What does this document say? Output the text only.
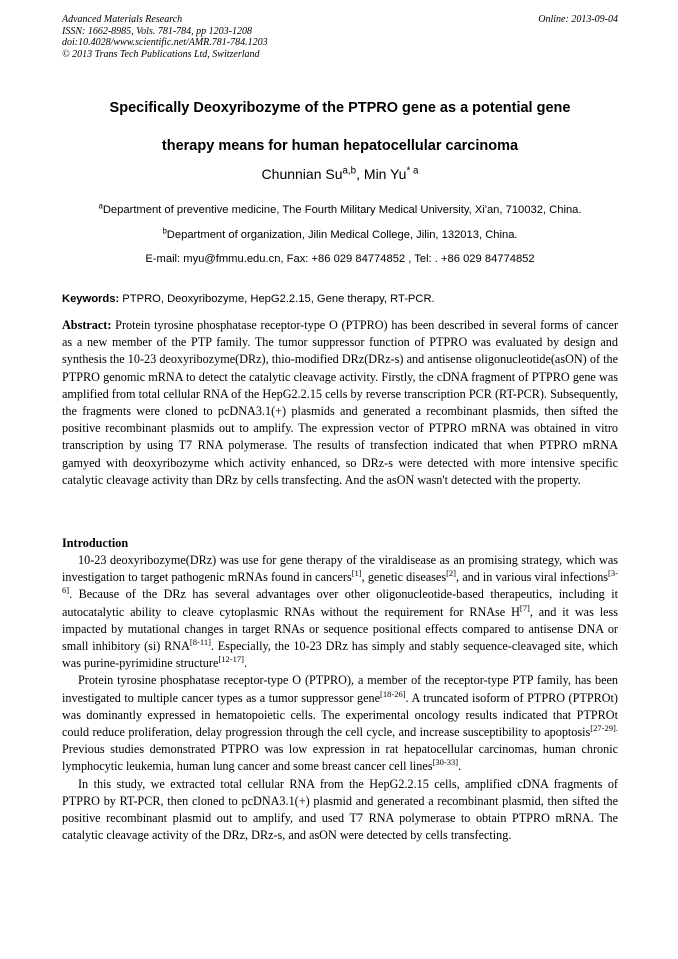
Advanced Materials Research
ISSN: 1662-8985, Vols. 781-784, pp 1203-1208
doi:10.4028/www.scientific.net/AMR.781-784.1203
© 2013 Trans Tech Publications Ltd, Switzerland
Online: 2013-09-04
Specifically Deoxyribozyme of the PTPRO gene as a potential gene
therapy means for human hepatocellular carcinoma
Chunnian Su$^{a,b}$, Min Yu$^{* a}$
$^a$Department of preventive medicine, The Fourth Military Medical University, Xi'an, 710032, China.
$^b$Department of organization, Jilin Medical College, Jilin, 132013, China.
E-mail: myu@fmmu.edu.cn, Fax: +86 029 84774852 , Tel: . +86 029 84774852
Keywords: PTPRO, Deoxyribozyme, HepG2.2.15, Gene therapy, RT-PCR.
Abstract: Protein tyrosine phosphatase receptor-type O (PTPRO) has been described in several forms of cancer as a new member of the PTP family. The tumor suppressor function of PTPRO was evaluated by design and synthesis the 10-23 deoxyribozyme(DRz), thio-modified DRz(DRz-s) and antisense oligonucleotide(asON) of the PTPRO genomic mRNA to detect the catalytic cleavage activity. Firstly, the cDNA fragment of PTPRO gene was amplified from total cellular RNA of the HepG2.2.15 cells by reverse transcription PCR (RT-PCR). Subsequently, the fragments were cloned to pcDNA3.1(+) plasmids and generated a recombinant plasmids, then sifted the positive recombinant plasmids out to amplify. The expression vector of PTPRO mRNA was obtained in vitro transcription by using T7 RNA polymerase. The results of transfection indicated that when PTPRO mRNA gamyed with deoxyribozyme which activity enhanced, so DRz-s were detected with more intensive specific catalytic cleavage activity than DRz by cells transfecting. And the asON wasn't detected with the property.
Introduction

10-23 deoxyribozyme(DRz) was use for gene therapy of the viraldisease as an promising strategy, which was investigation to target pathogenic mRNAs found in cancers[1], genetic diseases[2], and in various viral infections[3-6]. Because of the DRz has several advantages over other oligonucleotide-based therapeutics, including it autocatalytic ability to cleave cytoplasmic RNAs without the requirement for RNAse H[7], and it was less impacted by mutational changes in target RNAs or sequence positional effects compared to antisense DNA or small inhibitory (si) RNA[8-11]. Especially, the 10-23 DRz has simply and stably sequence-cleavaged site, which was purine-pyrimidine structure[12-17].

Protein tyrosine phosphatase receptor-type O (PTPRO), a member of the receptor-type PTP family, has been investigated to multiple cancer types as a tumor suppressor gene[18-26]. A truncated isoform of PTPRO (PTPROt) was dominantly expressed in hematopoietic cells. The experimental oncology results indicated that PTPROt could reduce proliferation, delay progression through the cell cycle, and increase susceptibility to apoptosis$^{[27-29].}$ Previous studies demonstrated PTPRO was low expression in rat hepatocellular carcinomas, human chronic lymphocytic leukemia, human lung cancer and some breast cancer cell lines[30-33].

In this study, we extracted total cellular RNA from the HepG2.2.15 cells, amplified cDNA fragments of PTPRO by RT-PCR, then cloned to pcDNA3.1(+) plasmid and generated a recombinant plasmid, then sifted the positive recombinant plasmid out to amplify, and used T7 RNA polymerase to obtain PTPRO mRNA. The catalytic cleavage activity of the DRz, DRz-s, and asON were detected by cells transfecting.
